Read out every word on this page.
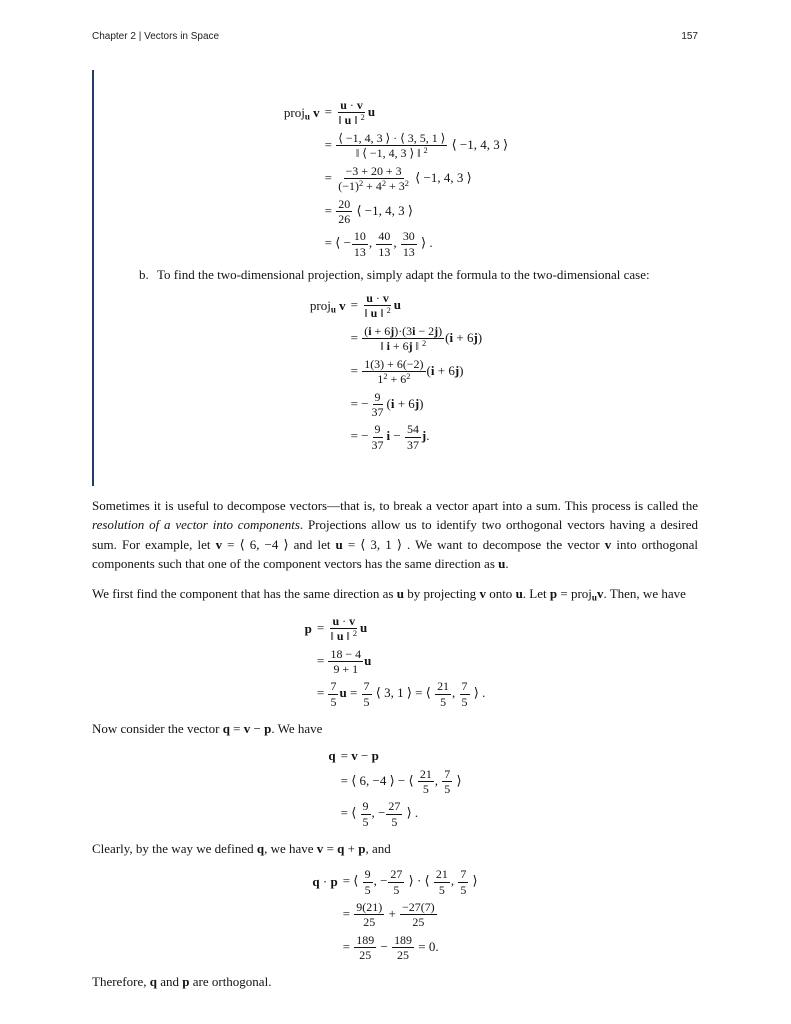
Chapter 2 | Vectors in Space	157
proju $v = \frac{u \cdot v}{‖ u ‖ ^2}$ u
= $\frac{⟨ -1, 4, 3 ⟩ \cdot ⟨ 3, 5, 1 ⟩}{‖ ⟨ -1, 4, 3 ⟩ ‖ ^2}$ ⟨ −1, 4, 3 ⟩
= $\frac{-3 + 20 + 3}{(-1)^2 + 4^2 + 3^2}$ ⟨ −1, 4, 3 ⟩
= $\frac{20}{26}$ ⟨ −1, 4, 3 ⟩
= ⟨ − $\frac{10}{13}$ , $\frac{40}{13}$ , $\frac{30}{13}$ ⟩ .
b. To find the two-dimensional projection, simply adapt the formula to the two-dimensional case:
proju $v = \frac{u \cdot v}{‖ u ‖ ^2}$ u
= $\frac{(i + 6j)\cdot(3i - 2j)}{‖ i + 6j ‖ ^2} (i + 6j)$
= $\frac{1(3) + 6(-2)}{1^2 + 6^2} (i + 6j)$
= − $\frac{9}{37} (i + 6j)$
= − $\frac{9}{37}$ $i - \frac{54}{37} j$.

Sometimes it is useful to decompose vectors—that is, to break a vector apart into a sum. This process is called the resolution of a vector into components. Projections allow us to identify two orthogonal vectors having a desired sum. For example, let v = ⟨ 6, −4 ⟩ and let u = ⟨ 3, 1 ⟩ . We want to decompose the vector v into orthogonal components such that one of the component vectors has the same direction as u.

We first find the component that has the same direction as u by projecting v onto u. Let p = projuv. Then, we have

$p = \frac{u \cdot v}{‖ u ‖ ^2}$ u
= $\frac{18 - 4}{9 + 1}$ u
= $\frac{7}{5}$ $u = \frac{7}{5}$ ⟨ 3, 1 ⟩ = ⟨ $\frac{21}{5}$ , $\frac{7}{5}$ ⟩ .

Now consider the vector q = v − p. We have

q = v − p
= ⟨ 6, −4 ⟩ − ⟨ $\frac{21}{5}$ , $\frac{7}{5}$ ⟩
= ⟨ $\frac{9}{5}$ , − $\frac{27}{5}$ ⟩ .

Clearly, by the way we defined q, we have v = q + p, and

q · p = ⟨ $\frac{9}{5}$ , − $\frac{27}{5}$ ⟩ · ⟨ $\frac{21}{5}$ , $\frac{7}{5}$ ⟩
= $\frac{9(21)}{25} + \frac{-27(7)}{25}$
= $\frac{189}{25} - \frac{189}{25} = 0$.

Therefore, q and p are orthogonal.
